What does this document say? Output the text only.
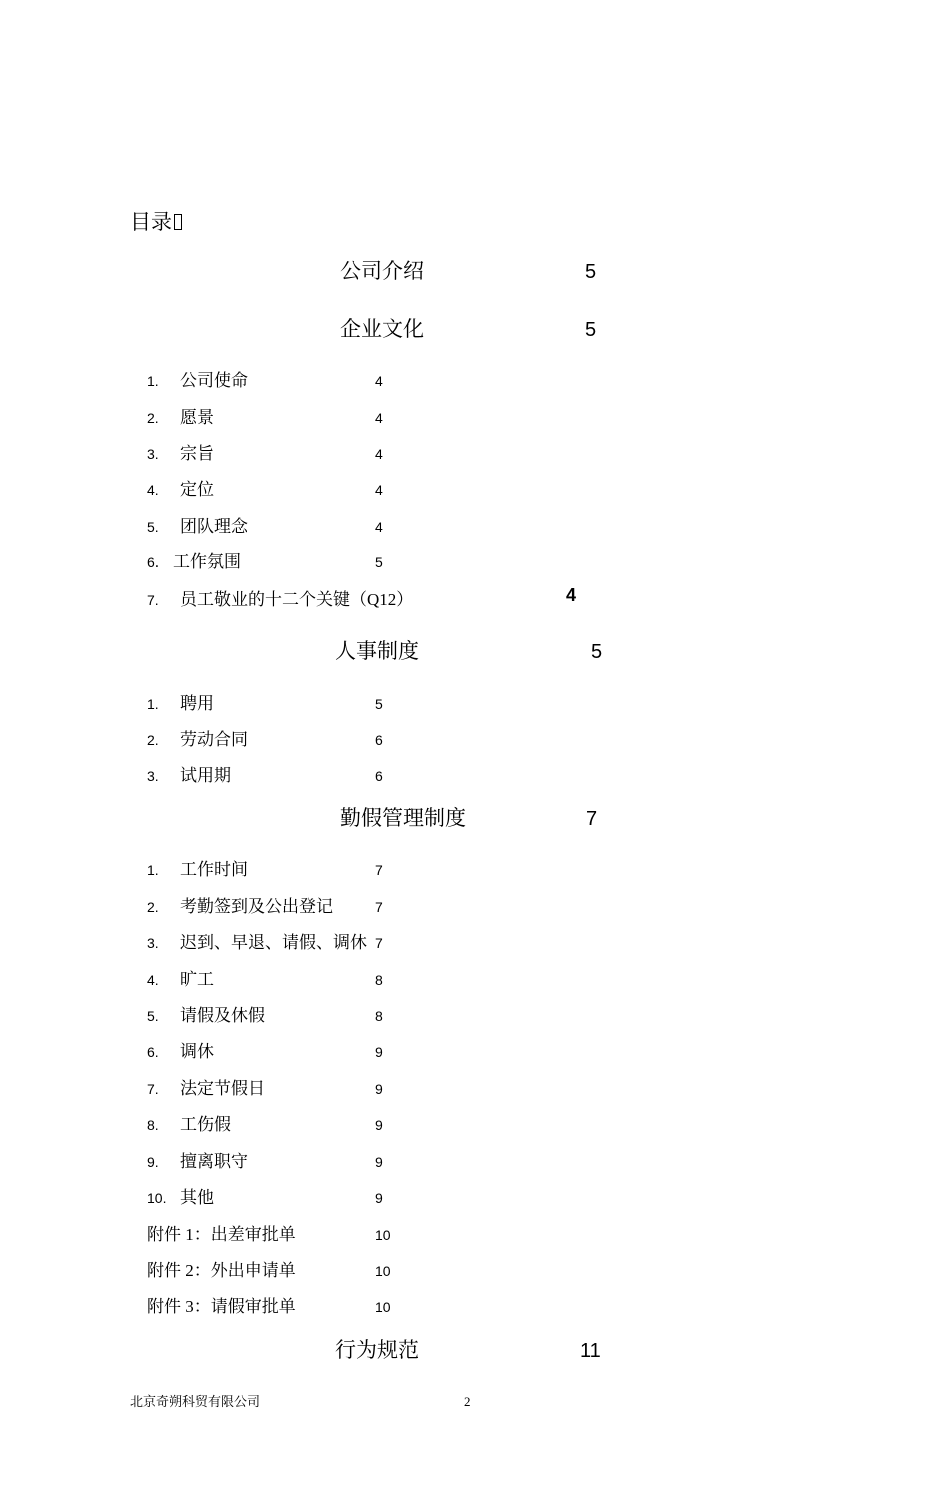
目录
公司介绍	5
企业文化	5
1. 公司使命	4
2. 愿景	4
3. 宗旨	4
4. 定位	4
5. 团队理念	4
6． 工作氛围	5
7. 员工敬业的十二个关键（Q12）	4
人事制度	5
1. 聘用	5
2. 劳动合同	6
3. 试用期	6
勤假管理制度	7
1. 工作时间	7
2. 考勤签到及公出登记	7
3. 迟到、早退、请假、调休 7
4. 旷工	8
5. 请假及休假	8
6. 调休	9
7. 法定节假日	9
8. 工伤假	9
9. 擅离职守	9
10. 其他	9
附件 1：出差审批单	10
附件 2：外出申请单	10
附件 3：请假审批单	10
行为规范	11
北京奇朔科贸有限公司	2
